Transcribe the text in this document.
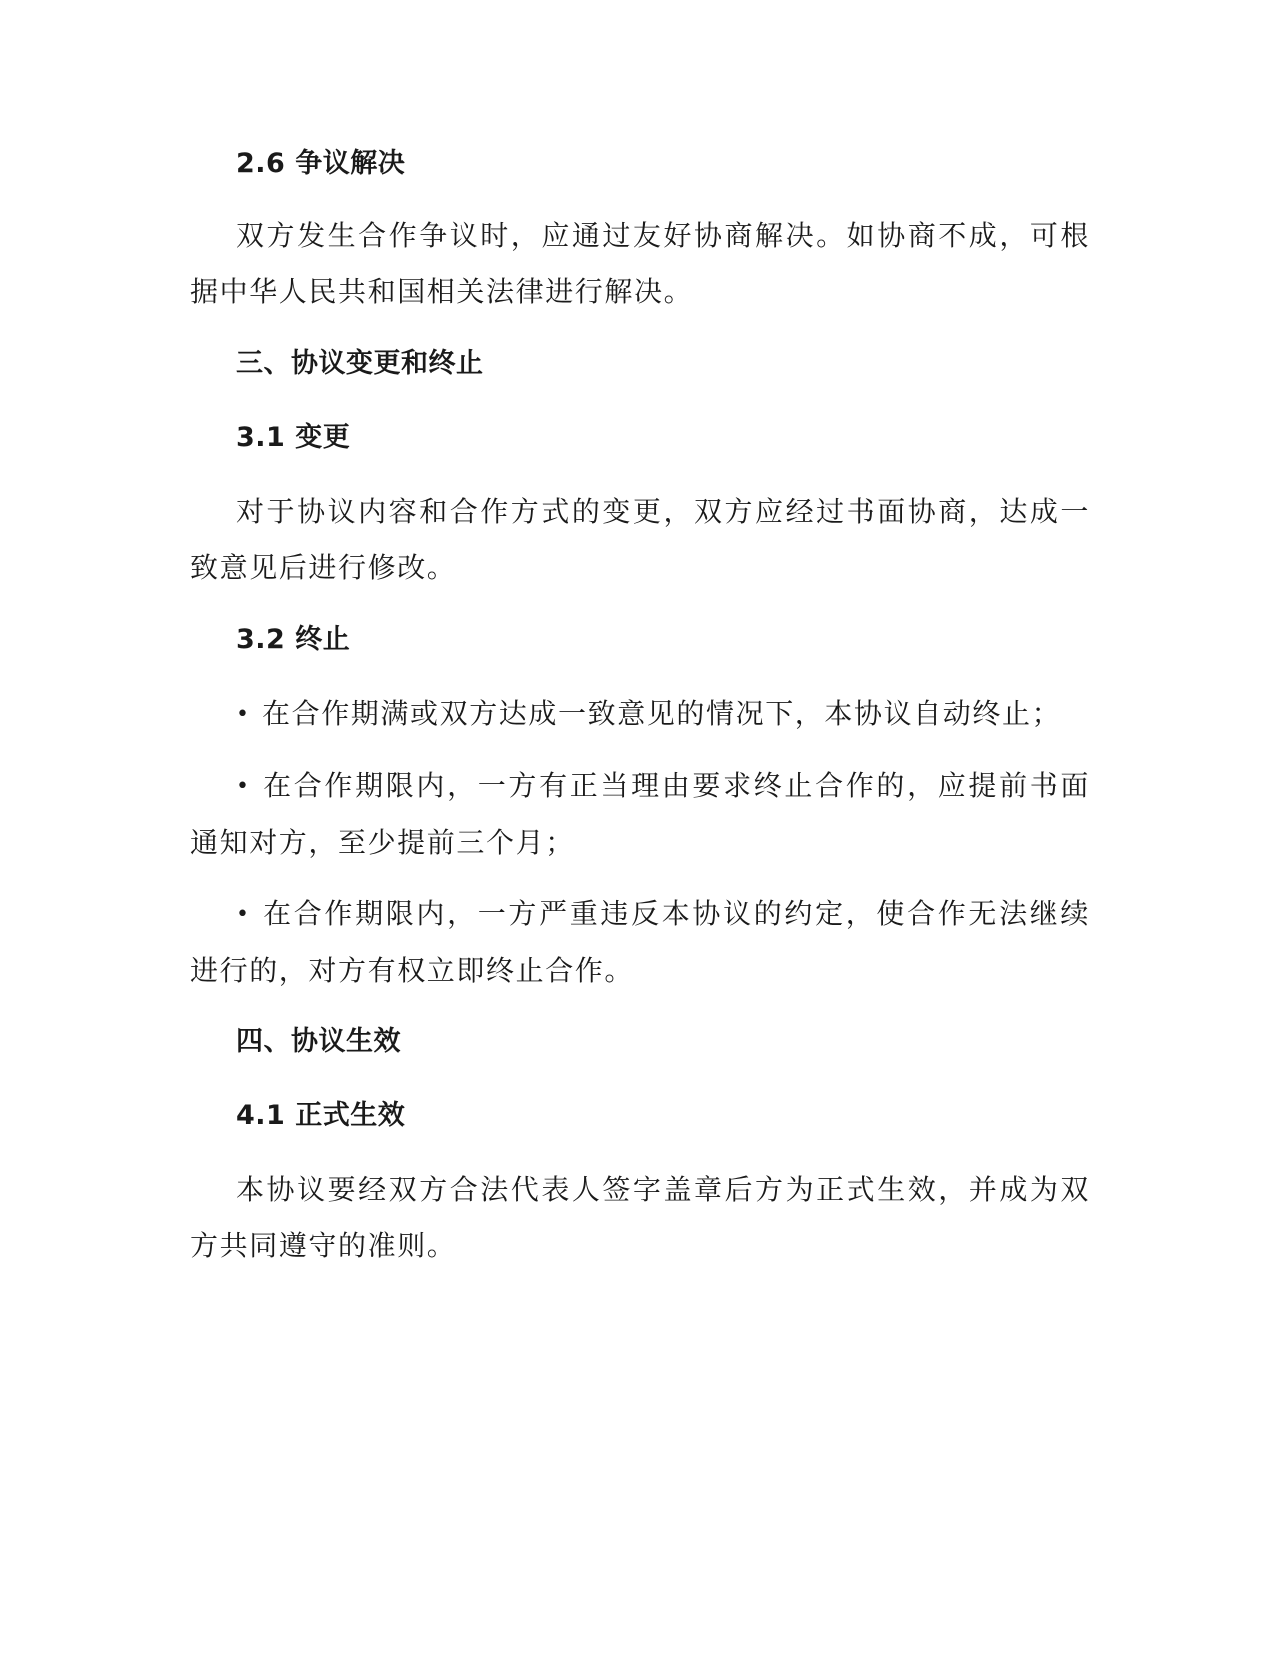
2.6 争议解决

双方发生合作争议时，应通过友好协商解决。如协商不成，可根据中华人民共和国相关法律进行解决。

三、协议变更和终止
3.1 变更

对于协议内容和合作方式的变更，双方应经过书面协商，达成一致意见后进行修改。

3.2 终止

• 在合作期满或双方达成一致意见的情况下，本协议自动终止；

• 在合作期限内，一方有正当理由要求终止合作的，应提前书面通知对方，至少提前三个月；

• 在合作期限内，一方严重违反本协议的约定，使合作无法继续进行的，对方有权立即终止合作。

四、协议生效
4.1 正式生效

本协议要经双方合法代表人签字盖章后方为正式生效，并成为双方共同遵守的准则。
